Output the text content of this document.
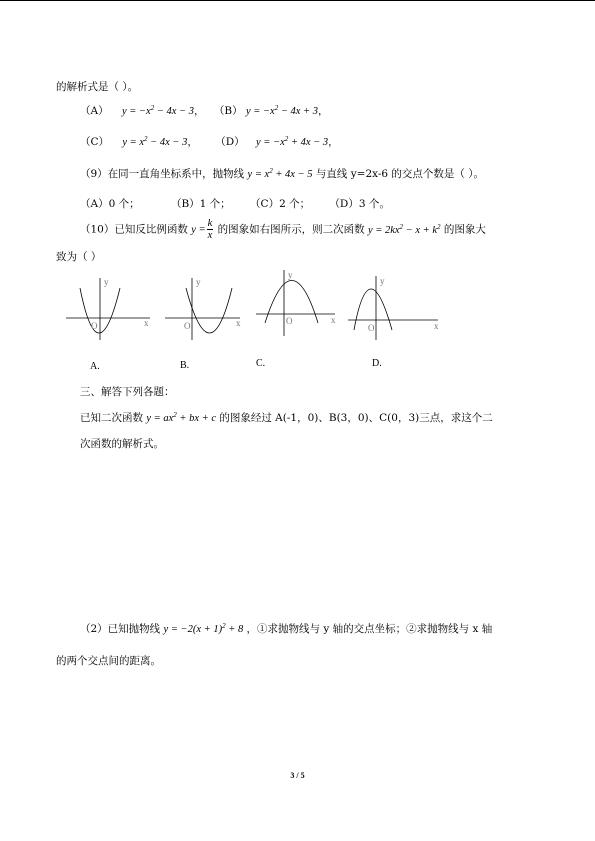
的解析式是（ ）。
（A） $y = -x^2 - 4x - 3$， （B） $y = -x^2 - 4x + 3$，
（C） $y = x^2 - 4x - 3$， （D） $y = -x^2 + 4x - 3$，
（9）在同一直角坐标系中，抛物线 $y = x^2 + 4x - 5$ 与直线 y=2x-6 的交点个数是（ ）。
（A）0 个；	（B）1 个； （C）2 个； （D）3 个。
（10）已知反比例函数 $y = \frac{k}{x}$ 的图象如右图所示，则二次函数 $y = 2kx^2 - x + k^2$ 的图象大
致为（ ）
y
x
O
y
x
O
y
x
O
y
x
O
A.	B.	C.	D.
三、解答下列各题：
已知二次函数 $y = ax^2$ + bx + c 的图象经过 A(-1，0)、B(3，0)、C(0，3)三点，求这个二
次函数的解析式。
（2）已知抛物线 $y = -2(x + 1)^2 + 8$ ，①求抛物线与 y 轴的交点坐标；②求抛物线与 x 轴
的两个交点间的距离。
3 / 5
